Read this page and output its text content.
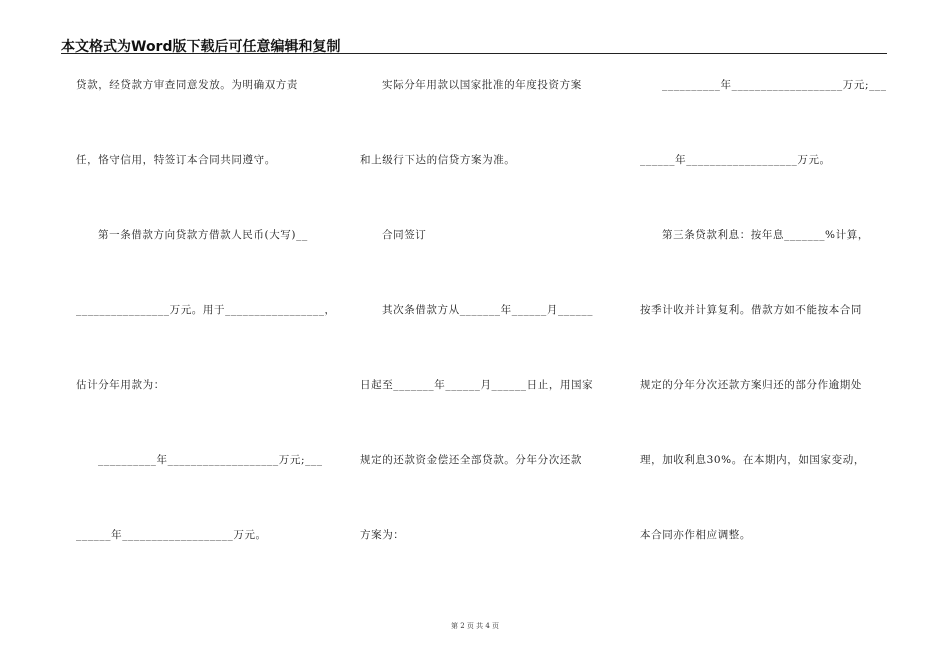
本文格式为Word版下载后可任意编辑和复制
贷款，经贷款方审查同意发放。为明确双方责
任，恪守信用，特签订本合同共同遵守。
第一条借款方向贷款方借款人民币(大写)__
________________万元。用于_________________，
估计分年用款为：
__________年___________________万元;___
______年___________________万元。
实际分年用款以国家批准的年度投资方案
和上级行下达的信贷方案为准。
合同签订
其次条借款方从_______年______月______
日起至_______年______月______日止，用国家
规定的还款资金偿还全部贷款。分年分次还款
方案为：
__________年___________________万元;___
______年___________________万元。
第三条贷款利息：按年息_______%计算，
按季计收并计算复利。借款方如不能按本合同
规定的分年分次还款方案归还的部分作逾期处
理，加收利息30%。在本期内，如国家变动，
本合同亦作相应调整。
第 2 页 共 4 页
